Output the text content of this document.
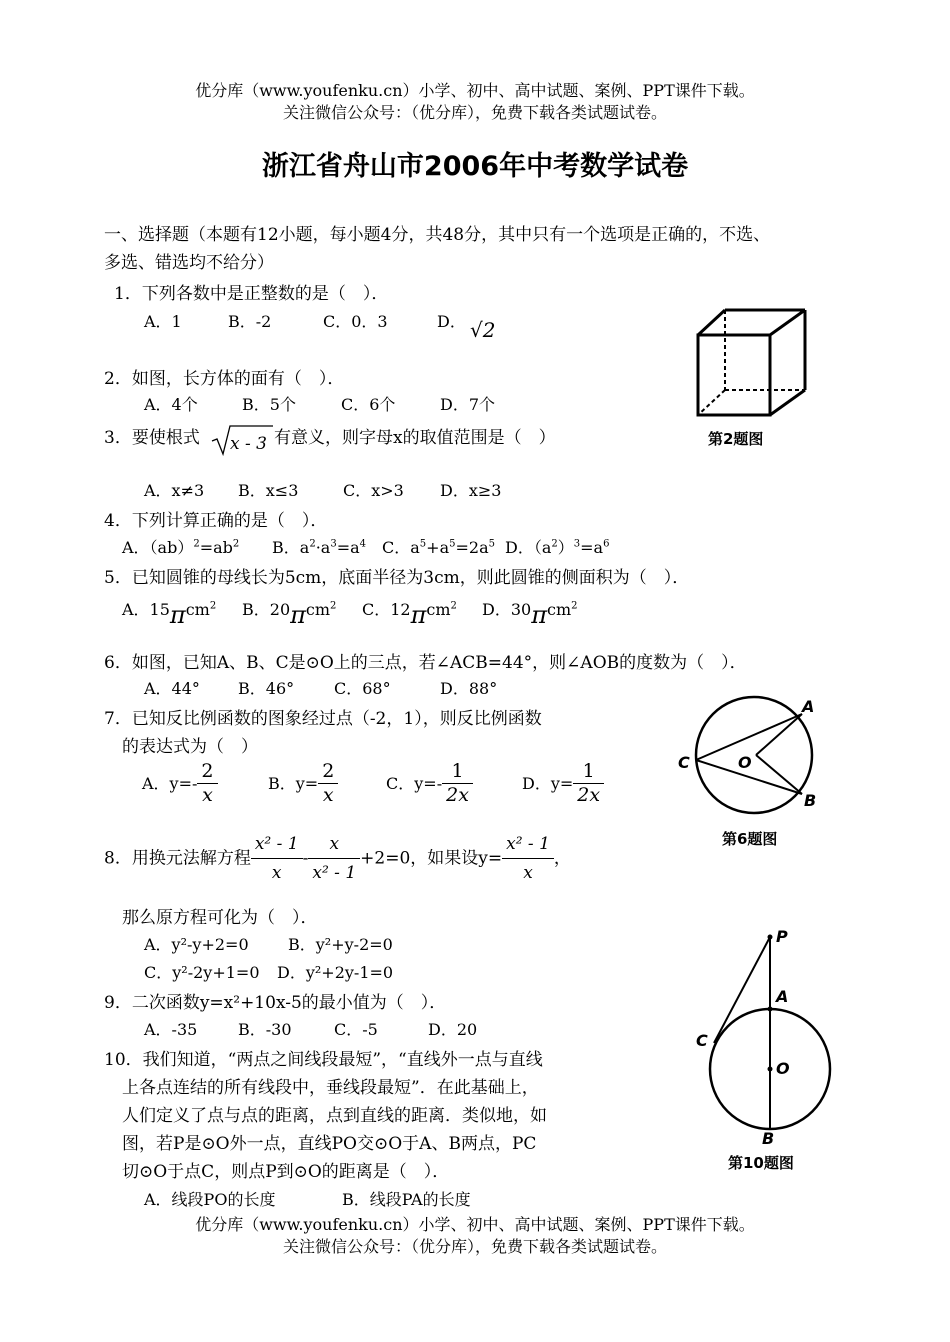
优分库（www.youfenku.cn）小学、初中、高中试题、案例、PPT课件下载。
关注微信公众号：（优分库），免费下载各类试题试卷。
浙江省舟山市2006年中考数学试卷
一、选择题（本题有12小题，每小题4分，共48分，其中只有一个选项是正确的，不选、
多选、错选均不给分）
1．下列各数中是正整数的是（　）．
A．1	B．-2	C．0．3	D． √2
2．如图，长方体的面有（　）．
A．4个	B．5个	C．6个	D．7个
第2题图
3．要使根式 x - 3 有意义，则字母x的取值范围是（　）
A．x≠3 B．x≤3	C．x>3 D．x≥3
4．下列计算正确的是（　）．
A．$(ab)^2=ab^2$ B．$a^2\cdot a^3=a^4$ C．$a^5+a^5=2a^5$ D．$(a^2)^3=a^6$
5．已知圆锥的母线长为5cm，底面半径为3cm，则此圆锥的侧面积为（　）．
A．15πcm$^2$ B．20πcm$^2$ C．12πcm$^2$ D．30πcm$^2$
6．如图，已知A、B、C是⊙O上的三点，若∠ACB=44°，则∠AOB的度数为（　）．
A．44° B．46° C．68°	D．88°
A
B
C	O
第6题图
7．已知反比例函数的图象经过点（-2，1），则反比例函数
的表达式为（　）
A．$y=- \frac{2}{x}$	B．$y= \frac{2}{x}$	C．$y=- \frac{1}{2x}$	D．$y= \frac{1}{2x}$
8．用换元法解方程 $\frac{\text{x² - 1}}{x} - \frac{x}{\text{x² - 1}} +2=0$，如果设$y= \frac{\text{x² - 1}}{x}$ ，
那么原方程可化为（　）．
A．y²-y+2=0 B．y²+y-2=0
C．y²-2y+1=0 D．y²+2y-1=0
9．二次函数y=x²+10x-5的最小值为（　）．
A．-35	B．-30	C．-5	D．20
10．我们知道，“两点之间线段最短”，“直线外一点与直线
上各点连结的所有线段中，垂线段最短”．在此基础上，
人们定义了点与点的距离，点到直线的距离．类似地，如
图，若P是⊙O外一点，直线PO交⊙O于A、B两点，PC
切⊙O于点C，则点P到⊙O的距离是（　）．
A．线段PO的长度	B．线段PA的长度
P
A
C
O
B
第10题图
优分库（www.youfenku.cn）小学、初中、高中试题、案例、PPT课件下载。
关注微信公众号：（优分库），免费下载各类试题试卷。
